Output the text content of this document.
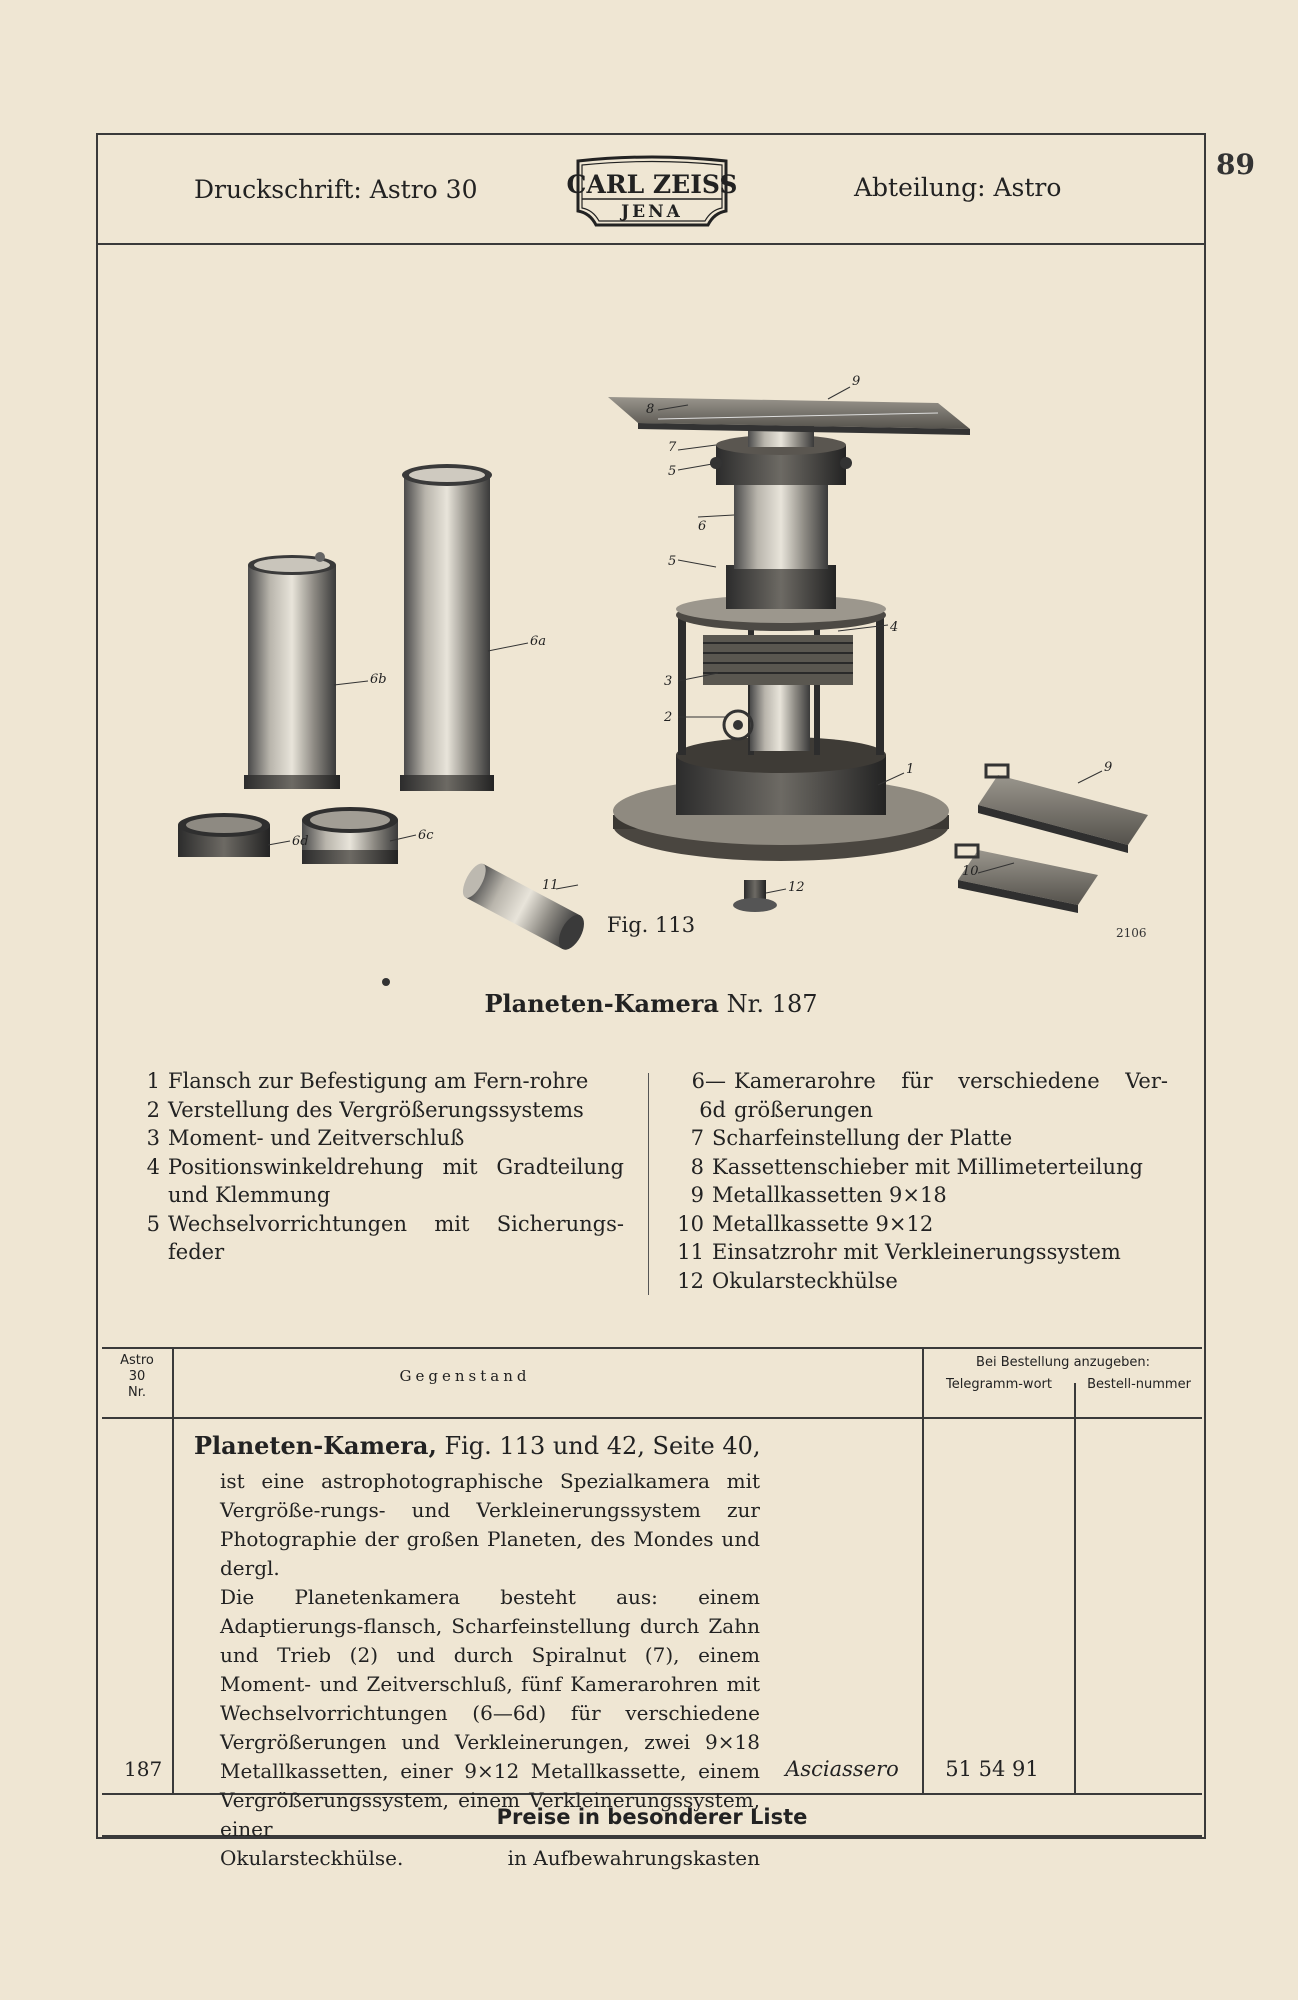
89
Druckschrift: Astro 30	CARL ZEISS
JENA
Abteilung: Astro
9
8
7
5
6
5
4
3
2
1
6a
6b
6d	6c
11	12
9
10
2106
Fig. 113
Planeten-Kamera Nr. 187
1 Flansch zur Befestigung am Fern-rohre
2 Verstellung des Vergrößerungssystems
3 Moment- und Zeitverschluß
4 Positionswinkeldrehung mit Gradteilung und Klemmung
5 Wechselvorrichtungen mit Sicherungs-feder
6—6d
Kamerarohre für verschiedene Ver-größerungen
7 Scharfeinstellung der Platte
8 Kassettenschieber mit Millimeterteilung
9 Metallkassetten 9×18
10 Metallkassette 9×12
11 Einsatzrohr mit Verkleinerungssystem
12 Okularsteckhülse
Astro
30
Nr.
Gegenstand
Bei Bestellung anzugeben:
Telegramm-wort	Bestell-nummer
Planeten-Kamera, Fig. 113 und 42, Seite 40,

ist eine astrophotographische Spezialkamera mit Vergröße-rungs- und Verkleinerungssystem zur Photographie der großen Planeten, des Mondes und dergl.

Die Planetenkamera besteht aus: einem Adaptierungs-flansch, Scharfeinstellung durch Zahn und Trieb (2) und durch Spiralnut (7), einem Moment- und Zeitverschluß, fünf Kamerarohren mit Wechselvorrichtungen (6—6d) für verschiedene Vergrößerungen und Verkleinerungen, zwei 9×18 Metallkassetten, einer 9×12 Metallkassette, einem Vergrößerungssystem, einem Verkleinerungssystem, einer

Okularsteckhülse.	in Aufbewahrungskasten
187	Asciassero	51 54 91
Preise in besonderer Liste
